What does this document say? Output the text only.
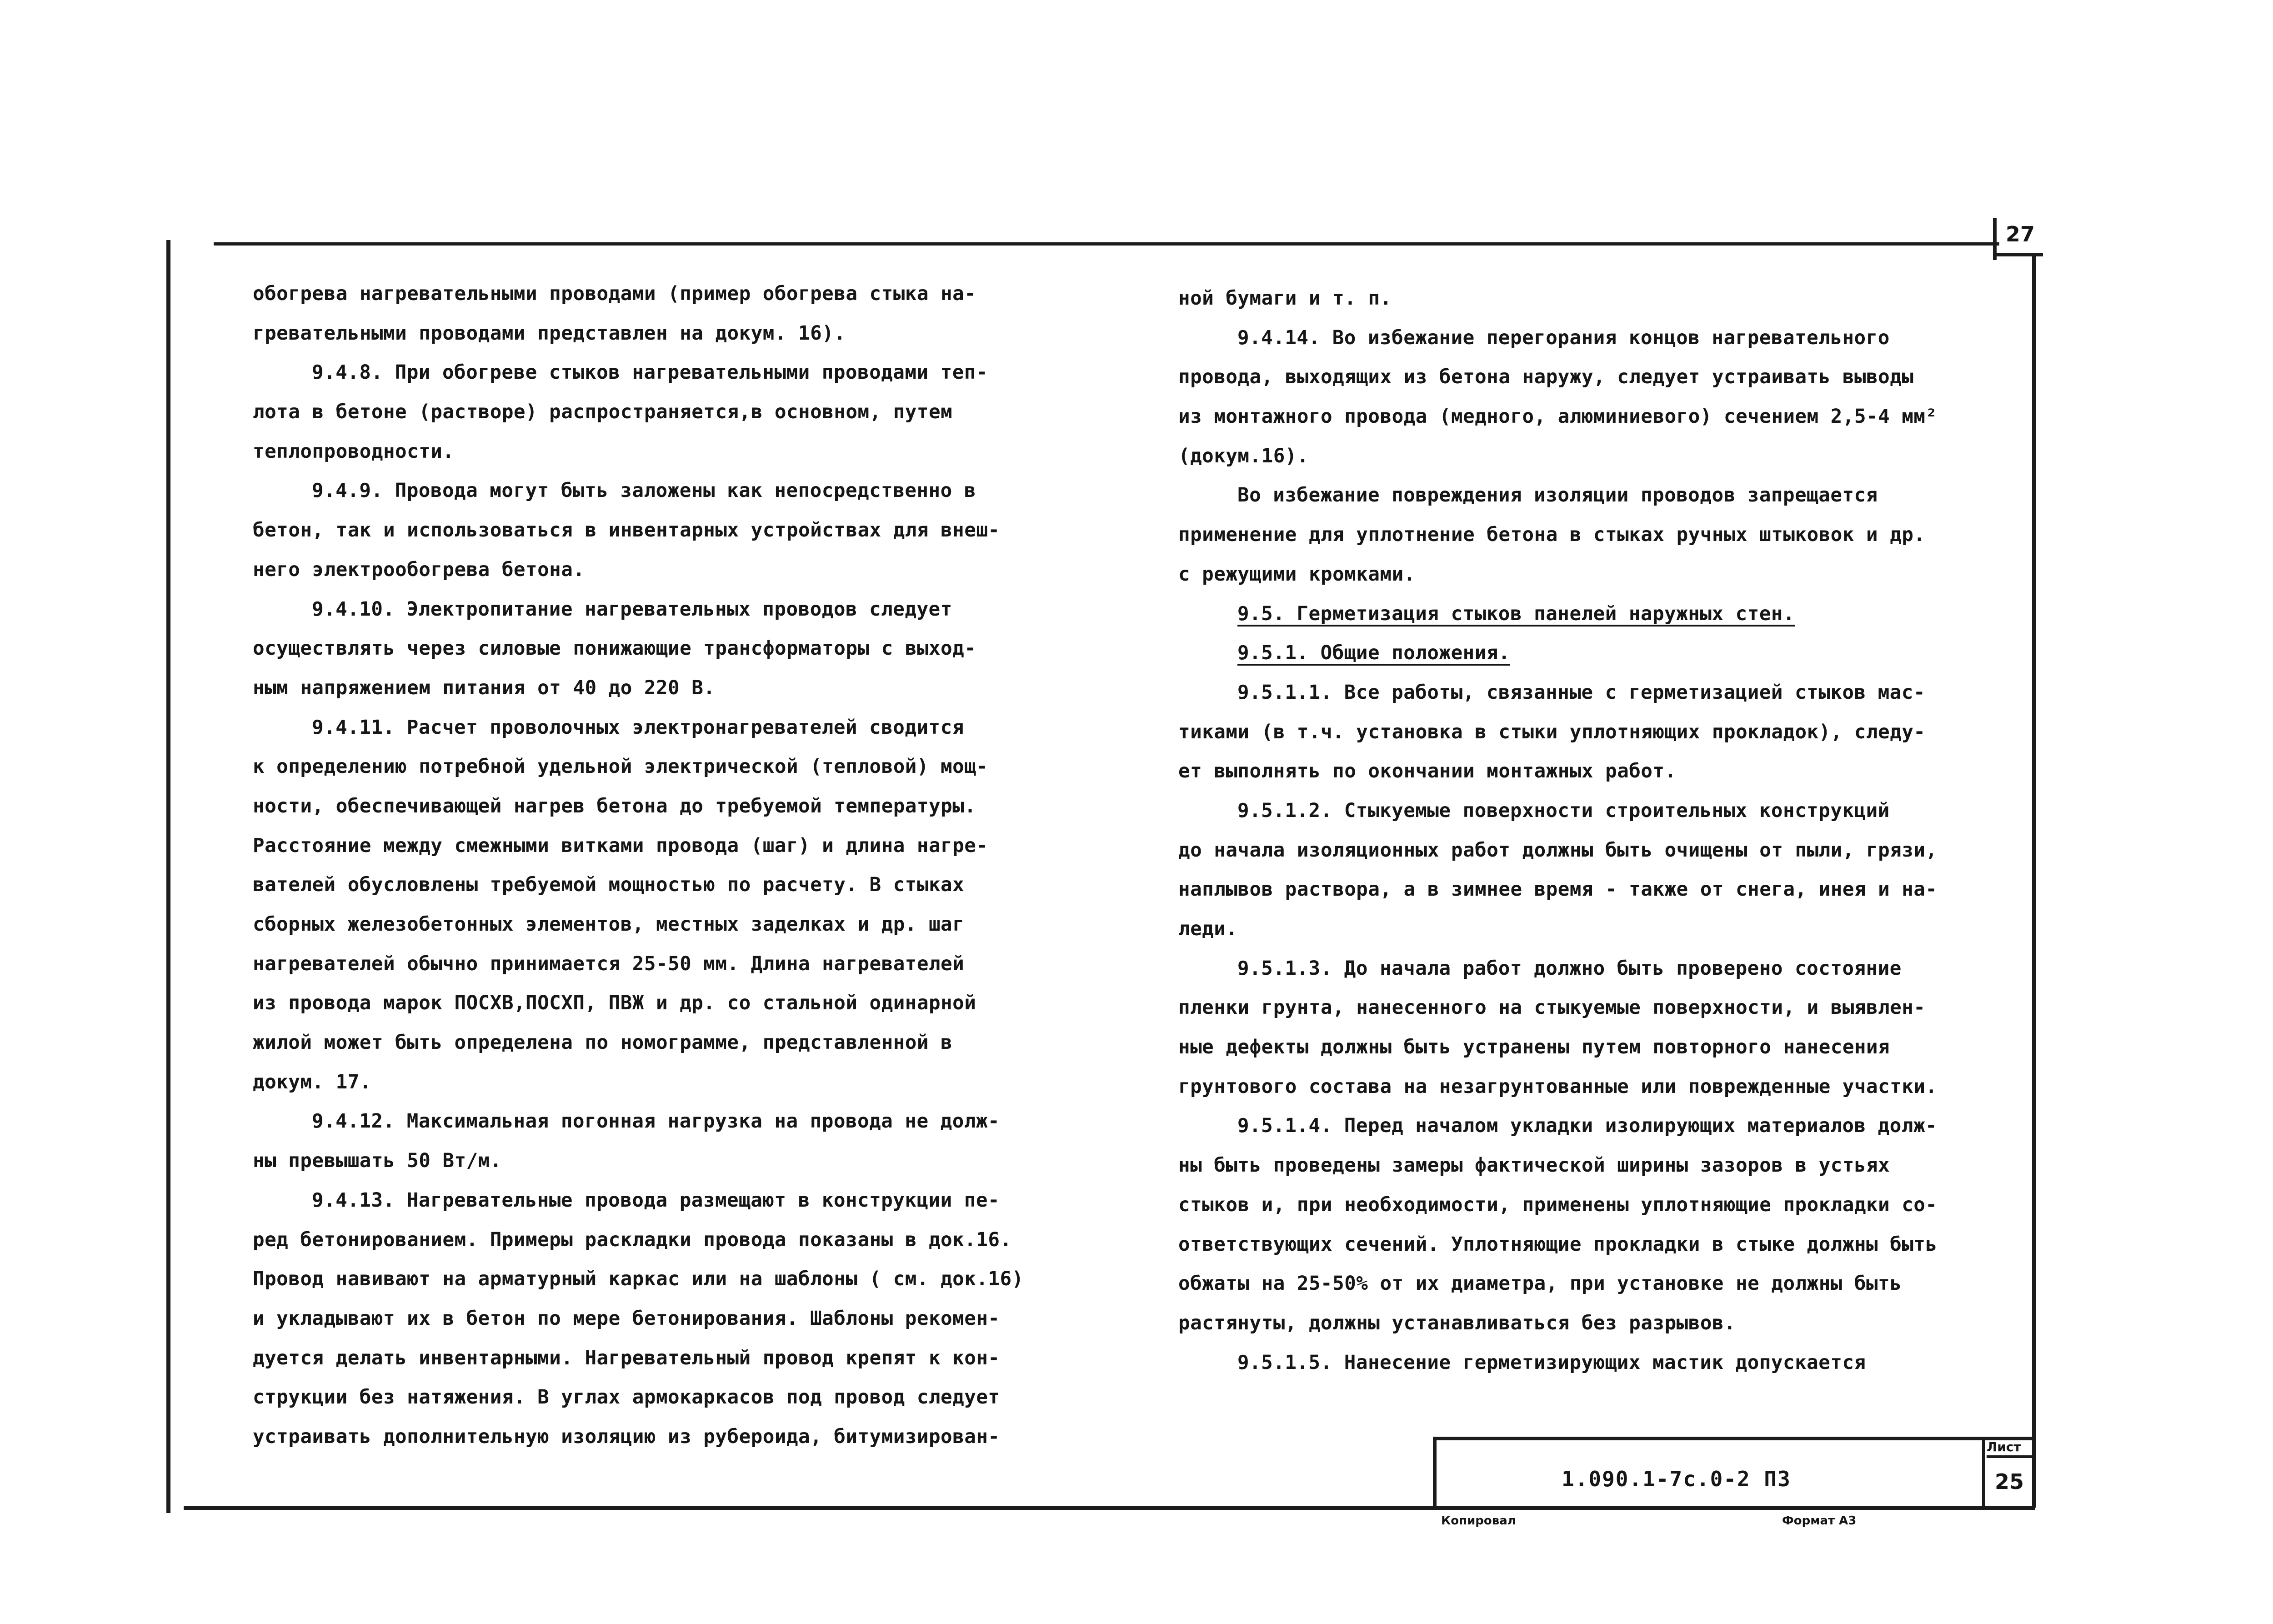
27
обогрева нагревательными проводами (пример обогрева стыка на-
гревательными проводами представлен на докум. 16).
9.4.8. При обогреве стыков нагревательными проводами теп-
лота в бетоне (растворе) распространяется,в основном, путем
теплопроводности.
9.4.9. Провода могут быть заложены как непосредственно в
бетон, так и использоваться в инвентарных устройствах для внеш-
него электрообогрева бетона.
9.4.10. Электропитание нагревательных проводов следует
осуществлять через силовые понижающие трансформаторы с выход-
ным напряжением питания от 40 до 220 В.
9.4.11. Расчет проволочных электронагревателей сводится
к определению потребной удельной электрической (тепловой) мощ-
ности, обеспечивающей нагрев бетона до требуемой температуры.
Расстояние между смежными витками провода (шаг) и длина нагре-
вателей обусловлены требуемой мощностью по расчету. В стыках
сборных железобетонных элементов, местных заделках и др. шаг
нагревателей обычно принимается 25-50 мм. Длина нагревателей
из провода марок ПОСХВ,ПОСХП, ПВЖ и др. со стальной одинарной
жилой может быть определена по номограмме, представленной в
докум. 17.
9.4.12. Максимальная погонная нагрузка на провода не долж-
ны превышать 50 Вт/м.
9.4.13. Нагревательные провода размещают в конструкции пе-
ред бетонированием. Примеры раскладки провода показаны в док.16.
Провод навивают на арматурный каркас или на шаблоны ( см. док.16)
и укладывают их в бетон по мере бетонирования. Шаблоны рекомен-
дуется делать инвентарными. Нагревательный провод крепят к кон-
струкции без натяжения. В углах армокаркасов под провод следует
устраивать дополнительную изоляцию из рубероида, битумизирован-
ной бумаги и т. п.
9.4.14. Во избежание перегорания концов нагревательного
провода, выходящих из бетона наружу, следует устраивать выводы
из монтажного провода (медного, алюминиевого) сечением 2,5-4 мм²
(докум.16).
Во избежание повреждения изоляции проводов запрещается
применение для уплотнение бетона в стыках ручных штыковок и др.
с режущими кромками.
9.5. Герметизация стыков панелей наружных стен.
9.5.1. Общие положения.
9.5.1.1. Все работы, связанные с герметизацией стыков мас-
тиками (в т.ч. установка в стыки уплотняющих прокладок), следу-
ет выполнять по окончании монтажных работ.
9.5.1.2. Стыкуемые поверхности строительных конструкций
до начала изоляционных работ должны быть очищены от пыли, грязи,
наплывов раствора, а в зимнее время - также от снега, инея и на-
леди.
9.5.1.3. До начала работ должно быть проверено состояние
пленки грунта, нанесенного на стыкуемые поверхности, и выявлен-
ные дефекты должны быть устранены путем повторного нанесения
грунтового состава на незагрунтованные или поврежденные участки.
9.5.1.4. Перед началом укладки изолирующих материалов долж-
ны быть проведены замеры фактической ширины зазоров в устьях
стыков и, при необходимости, применены уплотняющие прокладки со-
ответствующих сечений. Уплотняющие прокладки в стыке должны быть
обжаты на 25-50% от их диаметра, при установке не должны быть
растянуты, должны устанавливаться без разрывов.
9.5.1.5. Нанесение герметизирующих мастик допускается
1.090.1-7с.0-2 ПЗ
Лист
25
Копировал	Формат А3
